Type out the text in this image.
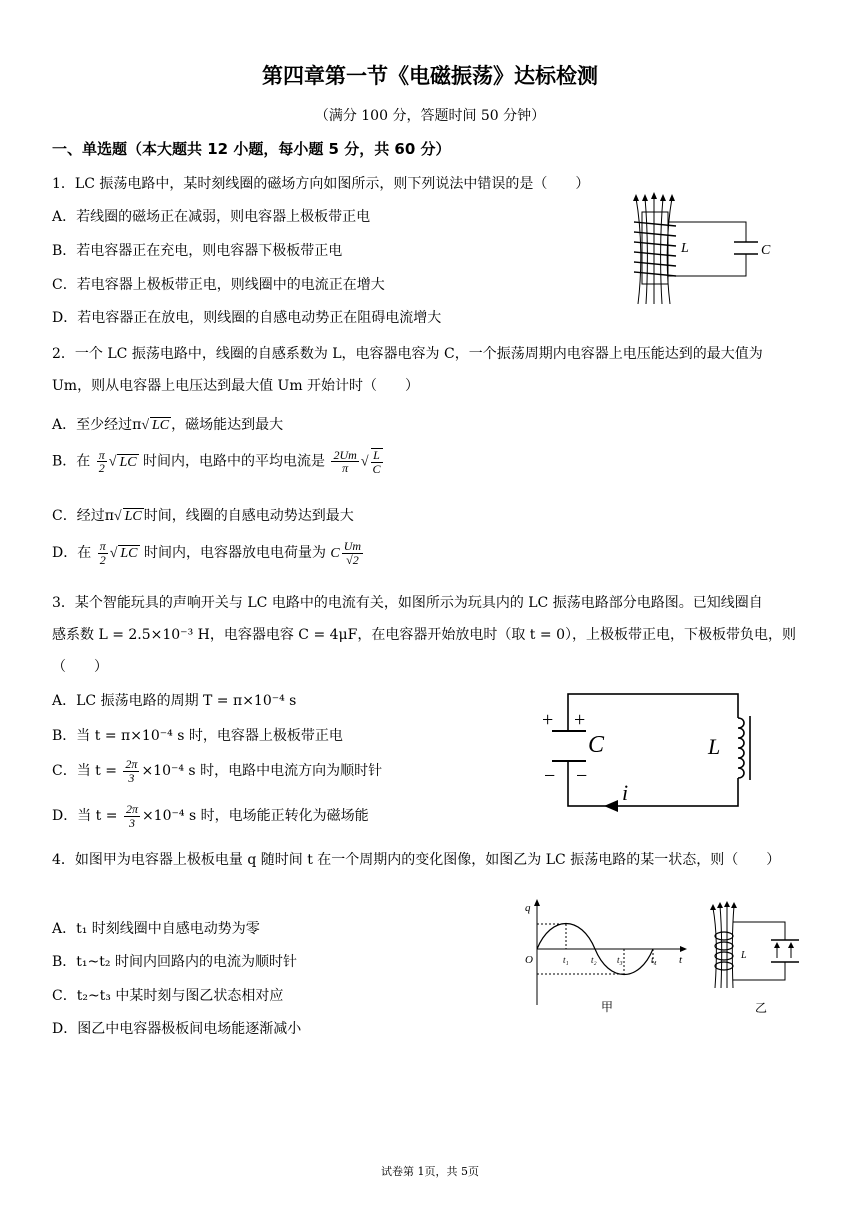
第四章第一节《电磁振荡》达标检测
（满分 100 分，答题时间 50 分钟）
一、单选题（本大题共 12 小题，每小题 5 分，共 60 分）
1．LC 振荡电路中，某时刻线圈的磁场方向如图所示，则下列说法中错误的是（　　）
A．若线圈的磁场正在减弱，则电容器上极板带正电
B．若电容器正在充电，则电容器下极板带正电
C．若电容器上极板带正电，则线圈中的电流正在增大
D．若电容器正在放电，则线圈的自感电动势正在阻碍电流增大
L	C
2．一个 LC 振荡电路中，线圈的自感系数为 L，电容器电容为 C，一个振荡周期内电容器上电压能达到的最大值为
Um，则从电容器上电压达到最大值 Um 开始计时（　　）
A．至少经过π√ LC ，磁场能达到最大
B．在 $\frac{\pi}{2}$ √ LC 时间内，电路中的平均电流是 $\frac{2Um}{\pi}$ √ $\frac{L}{C}$
C．经过π√ LC 时间，线圈的自感电动势达到最大
D．在 $\frac{\pi}{2}$ √ LC 时间内，电容器放电电荷量为 C $\frac{Um}{√2}$
3．某个智能玩具的声响开关与 LC 电路中的电流有关，如图所示为玩具内的 LC 振荡电路部分电路图。已知线圈自
感系数 L = 2.5×10⁻³ H，电容器电容 C = 4μF，在电容器开始放电时（取 t = 0），上极板带正电，下极板带负电，则
（　　）
A．LC 振荡电路的周期 T = π×10⁻⁴ s
B．当 t = π×10⁻⁴ s 时，电容器上极板带正电
C．当 $t = \frac{2\pi}{3} \times 10^{-4}$ s 时，电路中电流方向为顺时针
D．当 $t = \frac{2\pi}{3} \times 10^{-4}$ s 时，电场能正转化为磁场能
+ +
− −
C	L
i
4．如图甲为电容器上极板电量 q 随时间 t 在一个周期内的变化图像，如图乙为 LC 振荡电路的某一状态，则（　　）
A．t₁ 时刻线圈中自感电动势为零
B．t₁~t₂ 时间内回路内的电流为顺时针
C．t₂~t₃ 中某时刻与图乙状态相对应
D．图乙中电容器极板间电场能逐渐减小
q
t
O	t₁ t₂ t₃	t₄
甲
L
乙
试卷第 1页，共 5页
